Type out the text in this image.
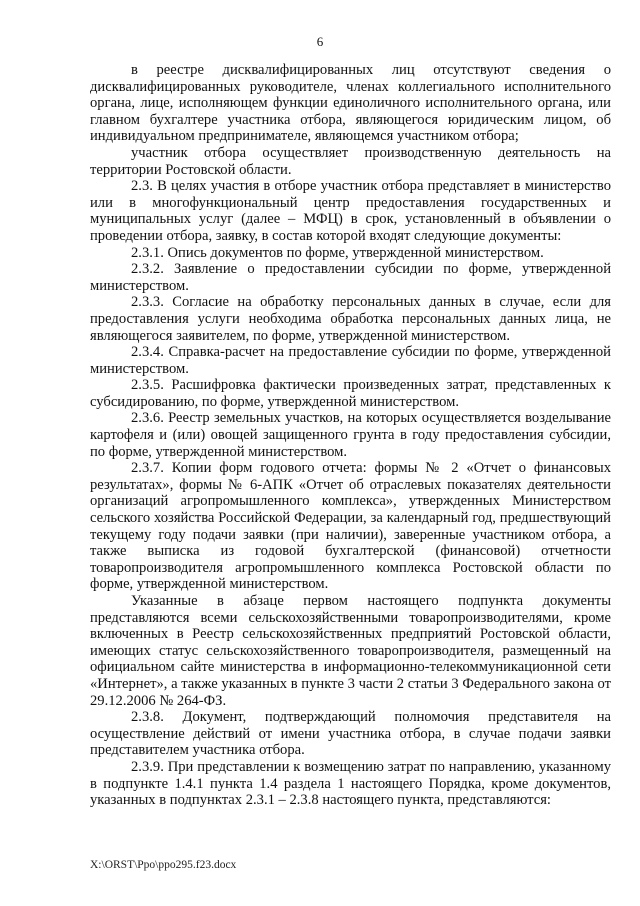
6

в реестре дисквалифицированных лиц отсутствуют сведения о дисквалифицированных руководителе, членах коллегиального исполнительного органа, лице, исполняющем функции единоличного исполнительного органа, или главном бухгалтере участника отбора, являющегося юридическим лицом, об индивидуальном предпринимателе, являющемся участником отбора;

участник отбора осуществляет производственную деятельность на территории Ростовской области.

2.3. В целях участия в отборе участник отбора представляет в министерство или в многофункциональный центр предоставления государственных и муниципальных услуг (далее – МФЦ) в срок, установленный в объявлении о проведении отбора, заявку, в состав которой входят следующие документы:

2.3.1. Опись документов по форме, утвержденной министерством.

2.3.2. Заявление о предоставлении субсидии по форме, утвержденной министерством.

2.3.3. Согласие на обработку персональных данных в случае, если для предоставления услуги необходима обработка персональных данных лица, не являющегося заявителем, по форме, утвержденной министерством.

2.3.4. Справка-расчет на предоставление субсидии по форме, утвержденной министерством.

2.3.5. Расшифровка фактически произведенных затрат, представленных к субсидированию, по форме, утвержденной министерством.

2.3.6. Реестр земельных участков, на которых осуществляется возделывание картофеля и (или) овощей защищенного грунта в году предоставления субсидии, по форме, утвержденной министерством.

2.3.7. Копии форм годового отчета: формы № 2 «Отчет о финансовых результатах», формы № 6-АПК «Отчет об отраслевых показателях деятельности организаций агропромышленного комплекса», утвержденных Министерством сельского хозяйства Российской Федерации, за календарный год, предшествующий текущему году подачи заявки (при наличии), заверенные участником отбора, а также выписка из годовой бухгалтерской (финансовой) отчетности товаропроизводителя агропромышленного комплекса Ростовской области по форме, утвержденной министерством.

Указанные в абзаце первом настоящего подпункта документы представляются всеми сельскохозяйственными товаропроизводителями, кроме включенных в Реестр сельскохозяйственных предприятий Ростовской области, имеющих статус сельскохозяйственного товаропроизводителя, размещенный на официальном сайте министерства в информационно-телекоммуникационной сети «Интернет», а также указанных в пункте 3 части 2 статьи 3 Федерального закона от 29.12.2006 № 264-ФЗ.

2.3.8. Документ, подтверждающий полномочия представителя на осуществление действий от имени участника отбора, в случае подачи заявки представителем участника отбора.

2.3.9. При представлении к возмещению затрат по направлению, указанному в подпункте 1.4.1 пункта 1.4 раздела 1 настоящего Порядка, кроме документов, указанных в подпунктах 2.3.1 – 2.3.8 настоящего пункта, представляются:

X:\ORST\Ppo\ppo295.f23.docx
